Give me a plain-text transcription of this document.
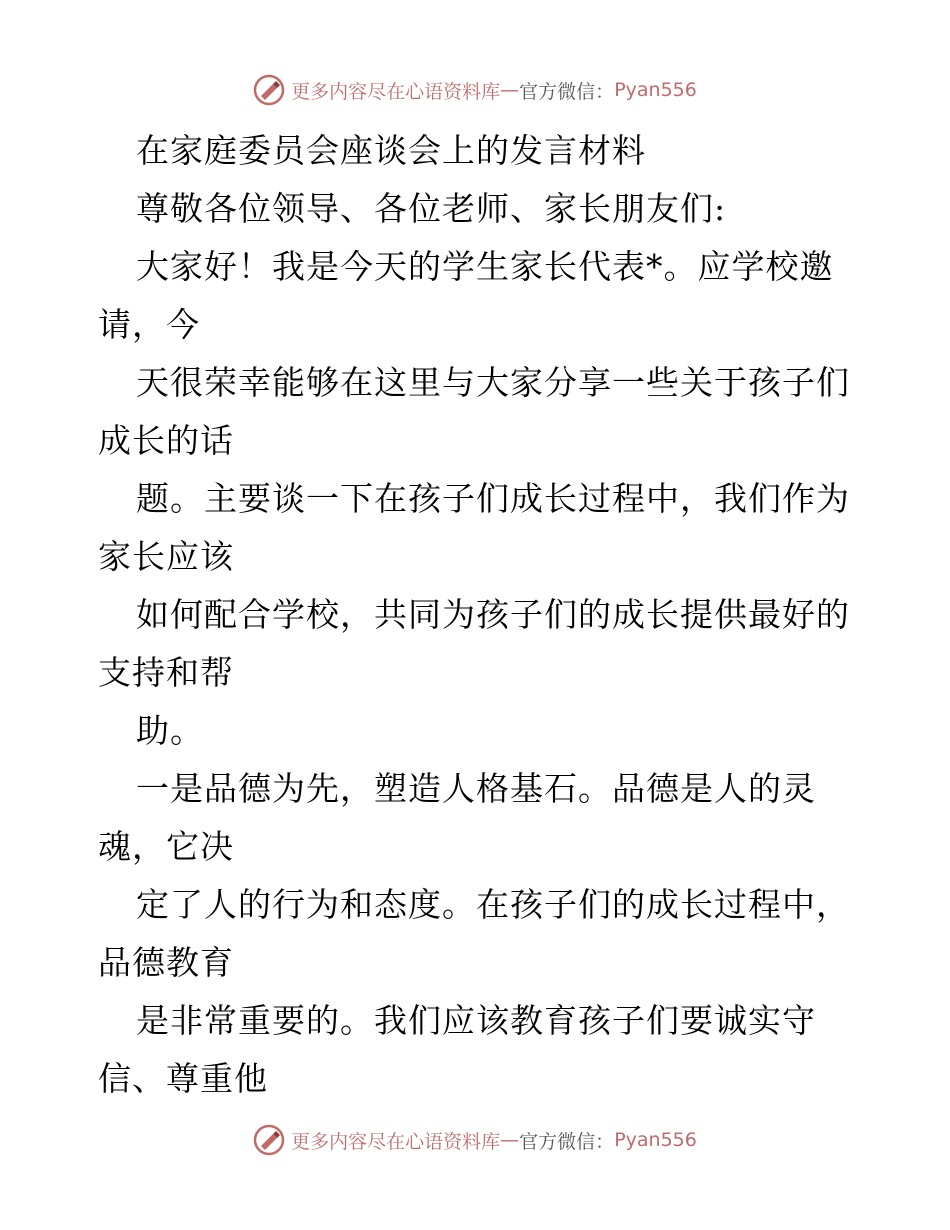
更多内容尽在心语资料库 — 官方微信： Pyan556
在家庭委员会座谈会上的发言材料
尊敬各位领导、各位老师、家长朋友们:
大家好！我是今天的学生家长代表*。应学校邀
请，今
天很荣幸能够在这里与大家分享一些关于孩子们
成长的话
题。主要谈一下在孩子们成长过程中，我们作为
家长应该
如何配合学校，共同为孩子们的成长提供最好的
支持和帮
助。
一是品德为先，塑造人格基石。品德是人的灵
魂，它决
定了人的行为和态度。在孩子们的成长过程中，
品德教育
是非常重要的。我们应该教育孩子们要诚实守
信、尊重他
更多内容尽在心语资料库 — 官方微信： Pyan556
